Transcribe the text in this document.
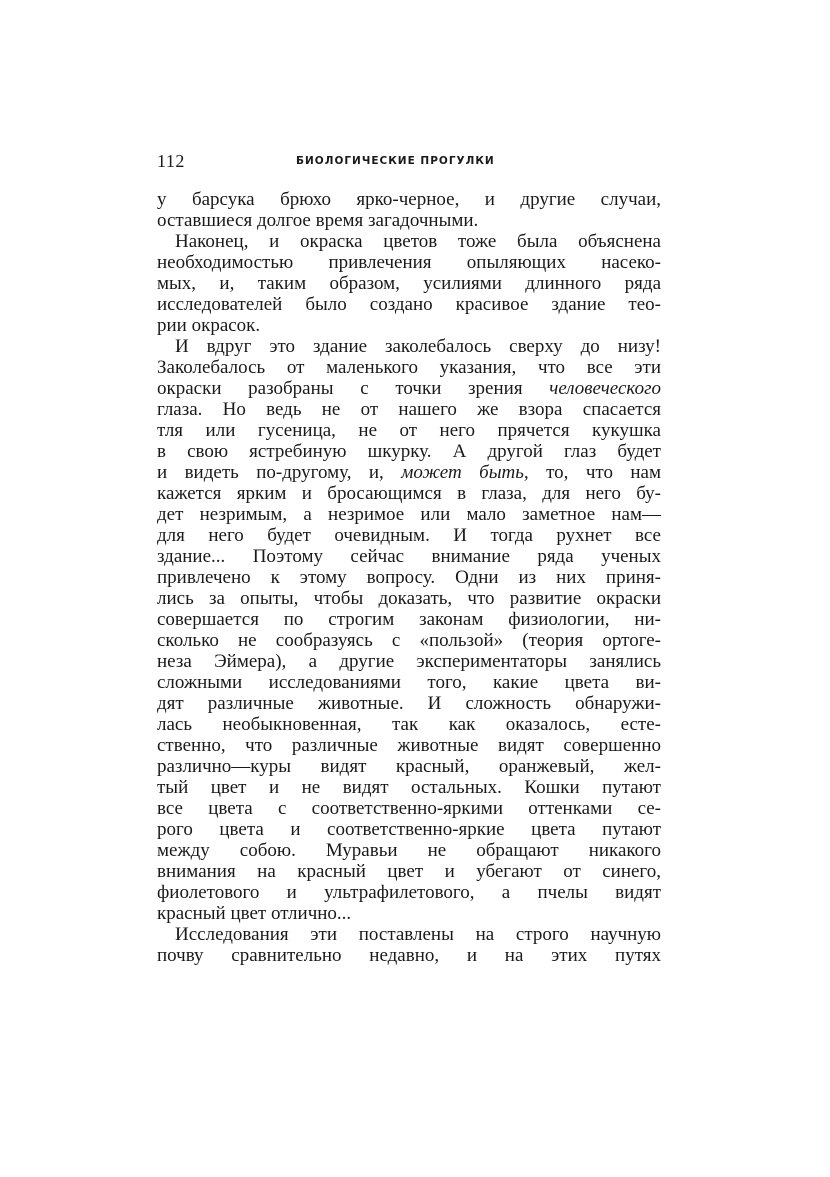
112	БИОЛОГИЧЕСКИЕ ПРОГУЛКИ
у барсука брюхо ярко-черное, и другие случаи,
оставшиеся долгое время загадочными.
Наконец, и окраска цветов тоже была объяснена
необходимостью привлечения опыляющих насеко-
мых, и, таким образом, усилиями длинного ряда
исследователей было создано красивое здание тео-
рии окрасок.
И вдруг это здание заколебалось сверху до низу!
Заколебалось от маленького указания, что все эти
окраски разобраны с точки зрения человеческого
глаза. Но ведь не от нашего же взора спасается
тля или гусеница, не от него прячется кукушка
в свою ястребиную шкурку. А другой глаз будет
и видеть по-другому, и, может быть, то, что нам
кажется ярким и бросающимся в глаза, для него бу-
дет незримым, а незримое или мало заметное нам—
для него будет очевидным. И тогда рухнет все
здание... Поэтому сейчас внимание ряда ученых
привлечено к этому вопросу. Одни из них приня-
лись за опыты, чтобы доказать, что развитие окраски
совершается по строгим законам физиологии, ни-
сколько не сообразуясь с «пользой» (теория ортоге-
неза Эймера), а другие экспериментаторы занялись
сложными исследованиями того, какие цвета ви-
дят различные животные. И сложность обнаружи-
лась необыкновенная, так как оказалось, есте-
ственно, что различные животные видят совершенно
различно—куры видят красный, оранжевый, жел-
тый цвет и не видят остальных. Кошки путают
все цвета с соответственно-яркими оттенками се-
рого цвета и соответственно-яркие цвета путают
между собою. Муравьи не обращают никакого
внимания на красный цвет и убегают от синего,
фиолетового и ультрафилетового, а пчелы видят
красный цвет отлично...
Исследования эти поставлены на строго научную
почву сравнительно недавно, и на этих путях
